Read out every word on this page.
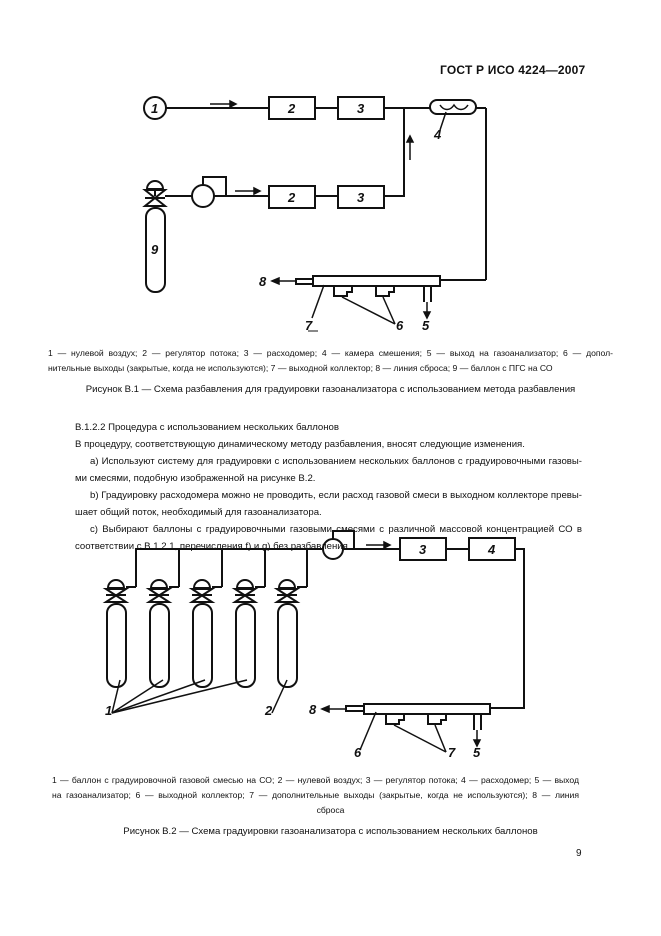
ГОСТ Р ИСО 4224—2007
1	2	3
2	3
4
9
8
7	6 5
1 — нулевой воздух; 2 — регулятор потока; 3 — расходомер; 4 — камера смешения; 5 — выход на газоанализатор; 6 — допол-
нительные выходы (закрытые, когда не используются); 7 — выходной коллектор; 8 — линия сброса; 9 — баллон с ПГС на СО
Рисунок B.1 — Схема разбавления для градуировки газоанализатора с использованием метода разбавления
B.1.2.2 Процедура с использованием нескольких баллонов
В процедуру, соответствующую динамическому методу разбавления, вносят следующие изменения.
a) Используют систему для градуировки с использованием нескольких баллонов с градуировочными газовы-
ми смесями, подобную изображенной на рисунке B.2.
b) Градуировку расходомера можно не проводить, если расход газовой смеси в выходном коллекторе превы-
шает общий поток, необходимый для газоанализатора.
c) Выбирают баллоны с градуировочными газовыми смесями с различной массовой концентрацией СО в
соответствии с B.1.2.1, перечисления f) и g) без разбавления.	3	4
1	2	8
6	7 5
1 — баллон с градуировочной газовой смесью на СО; 2 — нулевой воздух; 3 — регулятор потока; 4 — расходомер; 5 — выход
на газоанализатор; 6 — выходной коллектор; 7 — дополнительные выходы (закрытые, когда не используются); 8 — линия
сброса
Рисунок B.2 — Схема градуировки газоанализатора с использованием нескольких баллонов
9
